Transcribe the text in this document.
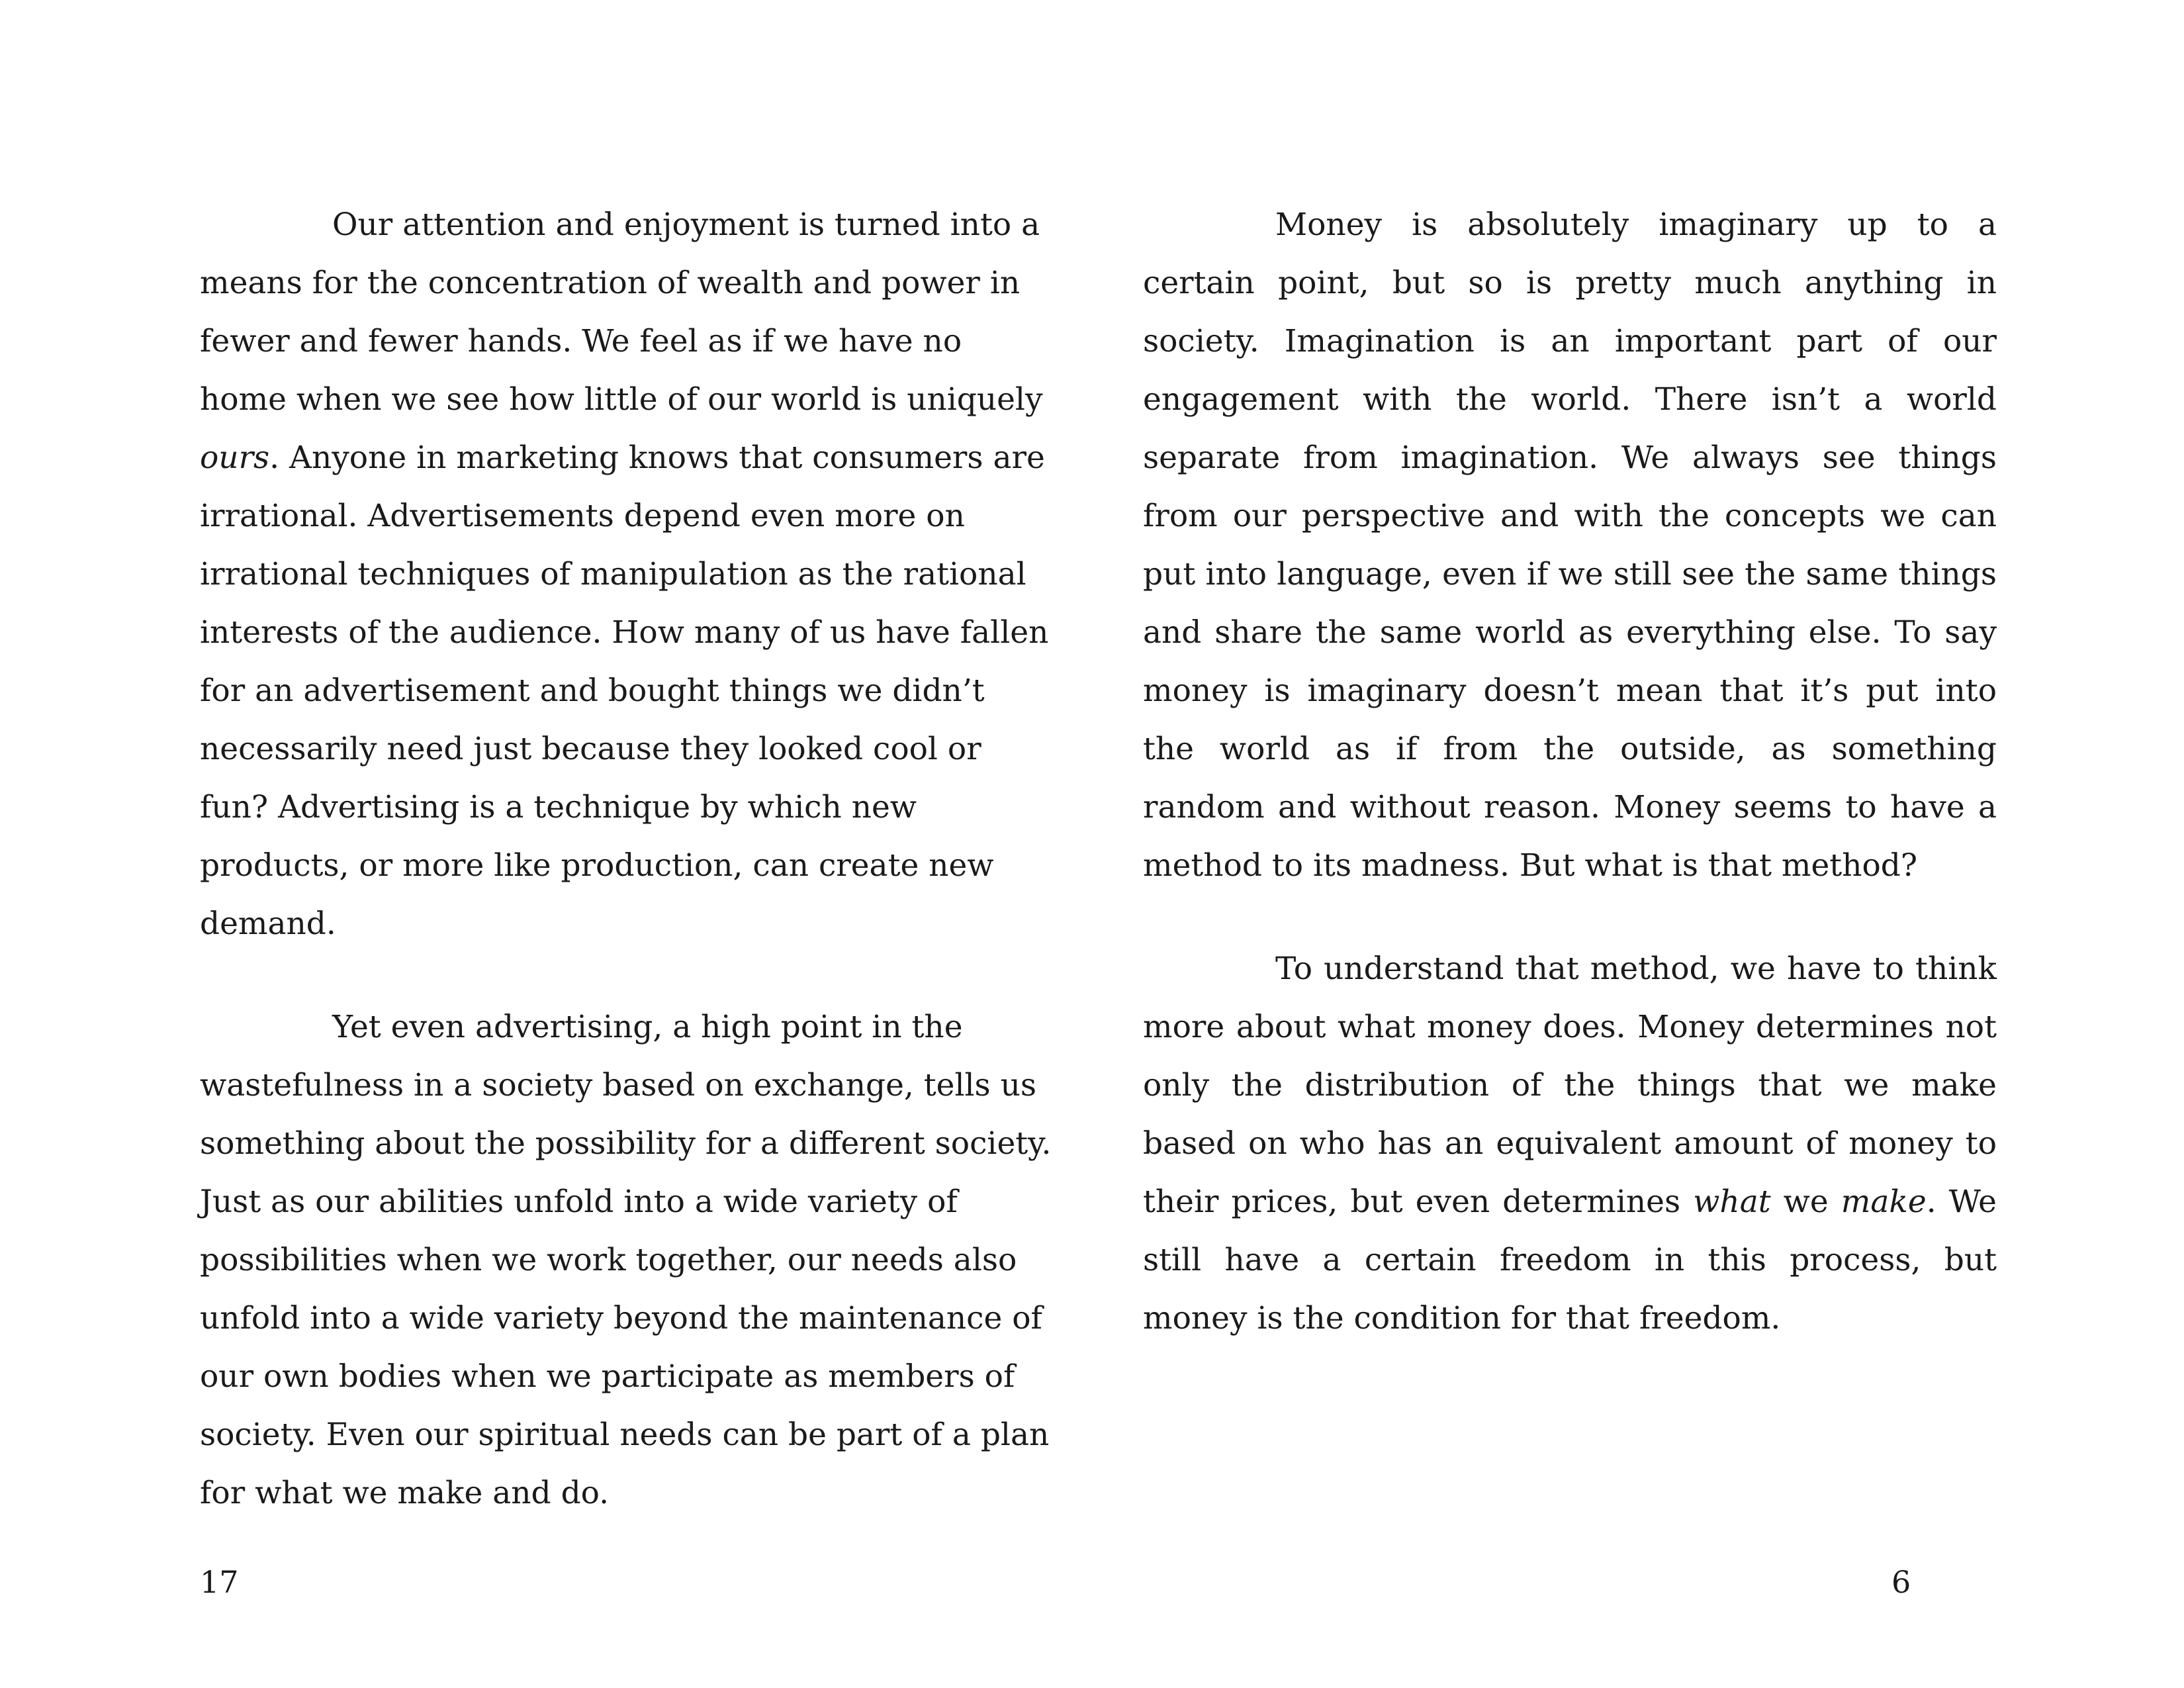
Our attention and enjoyment is turned into a means for the concentration of wealth and power in fewer and fewer hands. We feel as if we have no home when we see how little of our world is uniquely ours. Anyone in marketing knows that consumers are irrational. Advertisements depend even more on irrational techniques of manipulation as the rational interests of the audience. How many of us have fallen for an advertisement and bought things we didn’t necessarily need just because they looked cool or fun? Advertising is a technique by which new products, or more like production, can create new demand.

Yet even advertising, a high point in the wastefulness in a society based on exchange, tells us something about the possibility for a different society. Just as our abilities unfold into a wide variety of possibilities when we work together, our needs also unfold into a wide variety beyond the maintenance of our own bodies when we participate as members of society. Even our spiritual needs can be part of a plan for what we make and do.

Money is absolutely imaginary up to a certain point, but so is pretty much anything in society. Imagination is an important part of our engagement with the world. There isn’t a world separate from imagination. We always see things from our perspective and with the concepts we can put into language, even if we still see the same things and share the same world as everything else. To say money is imaginary doesn’t mean that it’s put into the world as if from the outside, as something random and without reason. Money seems to have a method to its madness. But what is that method?

To understand that method, we have to think more about what money does. Money determines not only the distribution of the things that we make based on who has an equivalent amount of money to their prices, but even determines what we make. We still have a certain freedom in this process, but money is the condition for that freedom.

17	6
